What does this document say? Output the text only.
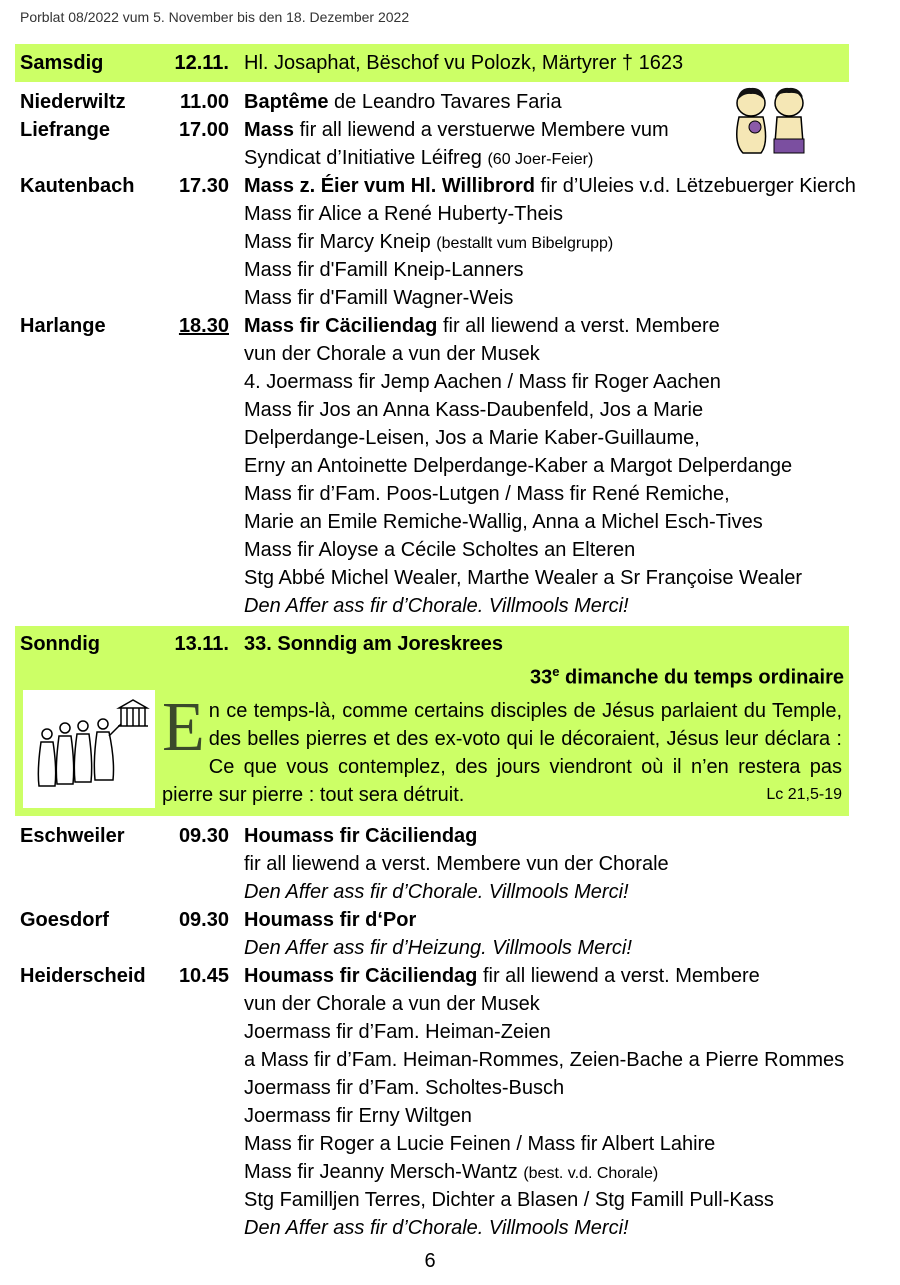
Porblat 08/2022 vum 5. November bis den 18. Dezember 2022
Samsdig	12.11. Hl. Josaphat, Bëschof vu Polozk, Märtyrer † 1623
Niederwiltz	11.00 Baptême de Leandro Tavares Faria
Liefrange	17.00 Mass fir all liewend a verstuerwe Membere vum
Syndicat d’Initiative Léifreg (60 Joer-Feier)
Kautenbach	17.30 Mass z. Éier vum Hl. Willibrord fir d’Uleies v.d. Lëtzebuerger Kierch
Mass fir Alice a René Huberty-Theis
Mass fir Marcy Kneip (bestallt vum Bibelgrupp)
Mass fir d'Famill Kneip-Lanners
Mass fir d'Famill Wagner-Weis
Harlange	18.30 Mass fir Cäciliendag fir all liewend a verst. Membere
vun der Chorale a vun der Musek
4. Joermass fir Jemp Aachen / Mass fir Roger Aachen
Mass fir Jos an Anna Kass-Daubenfeld, Jos a Marie
Delperdange-Leisen, Jos a Marie Kaber-Guillaume,
Erny an Antoinette Delperdange-Kaber a Margot Delperdange
Mass fir d’Fam. Poos-Lutgen / Mass fir René Remiche,
Marie an Emile Remiche-Wallig, Anna a Michel Esch-Tives
Mass fir Aloyse a Cécile Scholtes an Elteren
Stg Abbé Michel Wealer, Marthe Wealer a Sr Françoise Wealer
Den Affer ass fir d’Chorale. Villmools Merci!
Sonndig	13.11. 33. Sonndig am Joreskrees
33e dimanche du temps ordinaire
En ce temps-là, comme certains disciples de Jésus parlaient du Temple, des belles pierres et des ex-voto qui le décoraient, Jésus leur déclara : Ce que vous contemplez, des jours viendront où il n’en restera pas pierre sur pierre : tout sera détruit.	Lc 21,5-19
Eschweiler	09.30 Houmass fir Cäciliendag
fir all liewend a verst. Membere vun der Chorale
Den Affer ass fir d’Chorale. Villmools Merci!
Goesdorf	09.30 Houmass fir d‘Por
Den Affer ass fir d’Heizung. Villmools Merci!
Heiderscheid	10.45 Houmass fir Cäciliendag fir all liewend a verst. Membere
vun der Chorale a vun der Musek
Joermass fir d’Fam. Heiman-Zeien
a Mass fir d’Fam. Heiman-Rommes, Zeien-Bache a Pierre Rommes
Joermass fir d’Fam. Scholtes-Busch
Joermass fir Erny Wiltgen
Mass fir Roger a Lucie Feinen / Mass fir Albert Lahire
Mass fir Jeanny Mersch-Wantz (best. v.d. Chorale)
Stg Familljen Terres, Dichter a Blasen / Stg Famill Pull-Kass
Den Affer ass fir d’Chorale. Villmools Merci!
6
